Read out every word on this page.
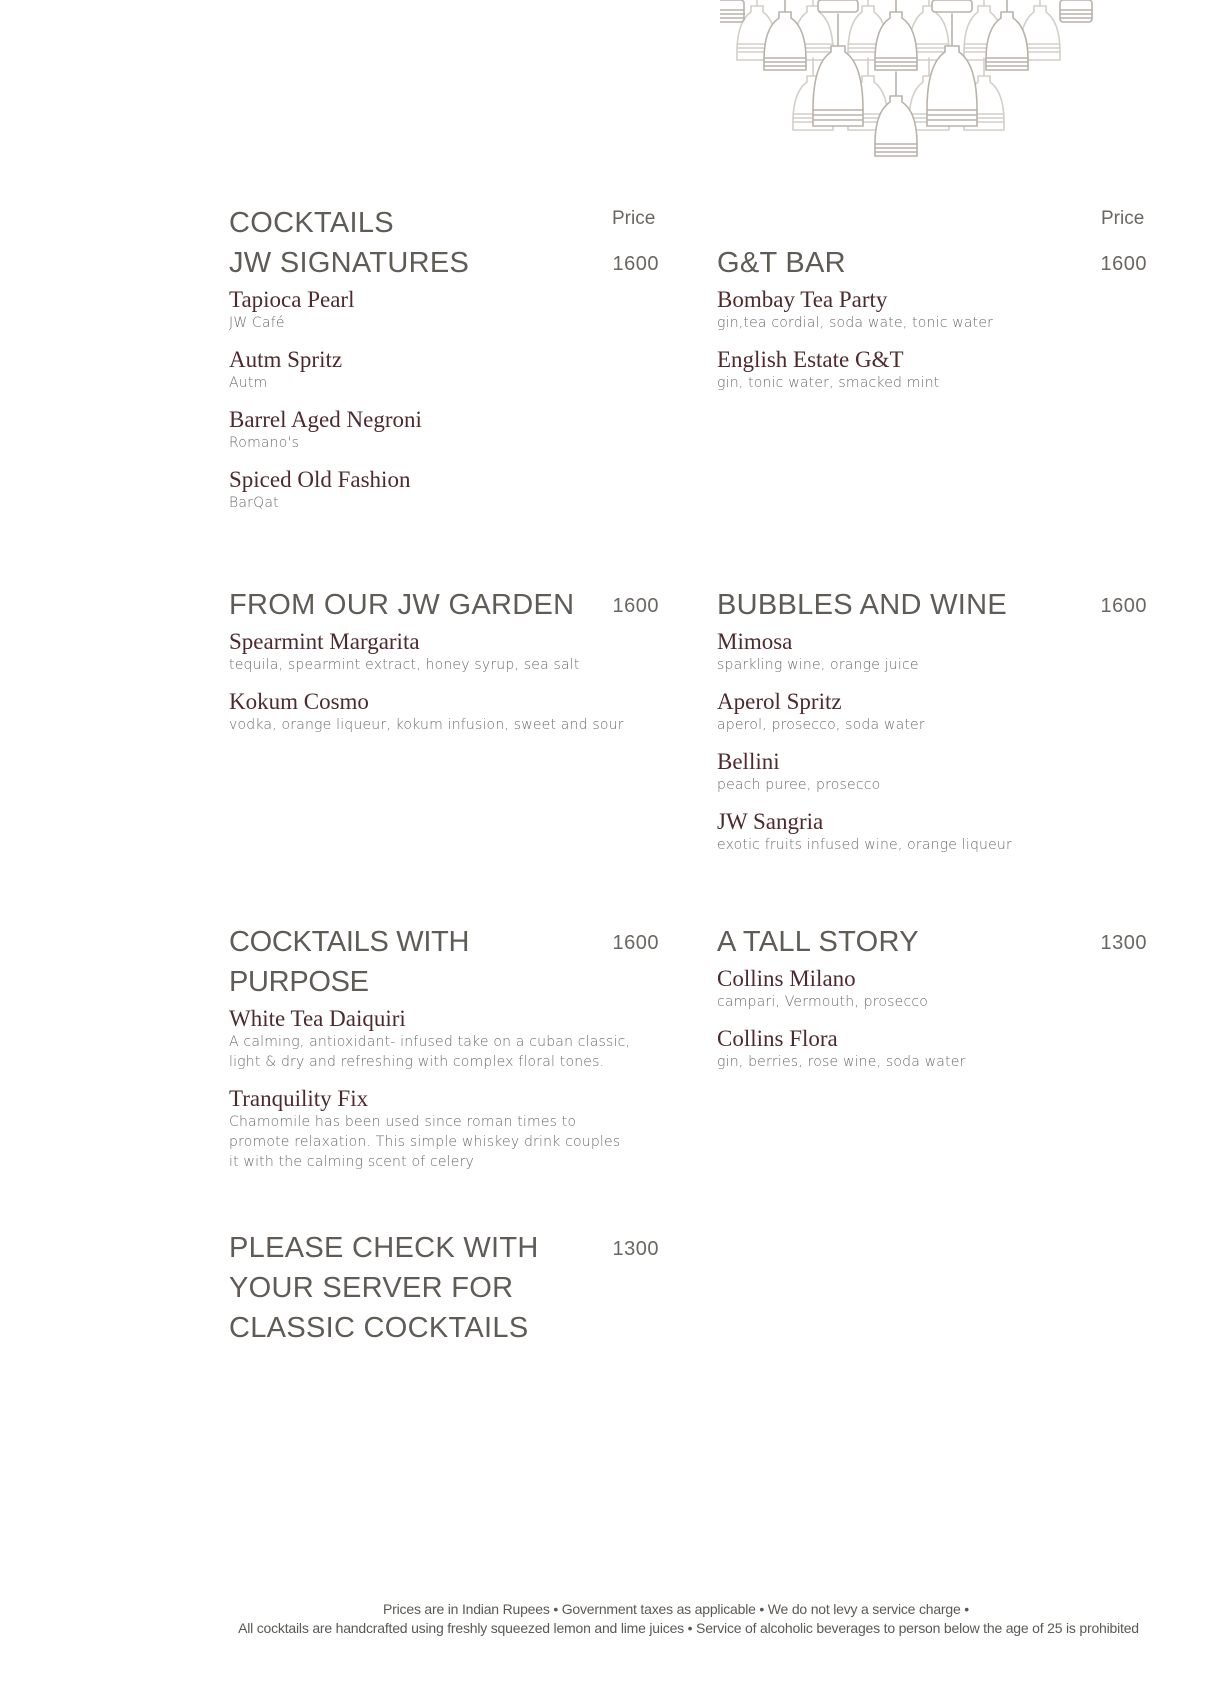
Price	Price
COCKTAILS
JW SIGNATURES	1600
Tapioca Pearl
JW Café
Autm Spritz
Autm
Barrel Aged Negroni
Romano's
Spiced Old Fashion
BarQat
G&T BAR	1600
Bombay Tea Party
gin,tea cordial, soda wate, tonic water
English Estate G&T
gin, tonic water, smacked mint
FROM OUR JW GARDEN 1600
Spearmint Margarita
tequila, spearmint extract, honey syrup, sea salt
Kokum Cosmo
vodka, orange liqueur, kokum infusion, sweet and sour
BUBBLES AND WINE	1600
Mimosa
sparkling wine, orange juice
Aperol Spritz
aperol, prosecco, soda water
Bellini
peach puree, prosecco
JW Sangria
exotic fruits infused wine, orange liqueur
COCKTAILS WITH PURPOSE
1600
White Tea Daiquiri
A calming, antioxidant- infused take on a cuban classic, light & dry and refreshing with complex floral tones.
Tranquility Fix
Chamomile has been used since roman times to promote relaxation. This simple whiskey drink couples it with the calming scent of celery
A TALL STORY	1300
Collins Milano
campari, Vermouth, prosecco
Collins Flora
gin, berries, rose wine, soda water
PLEASE CHECK WITH
YOUR SERVER FOR
CLASSIC COCKTAILS
1300
Prices are in Indian Rupees • Government taxes as applicable • We do not levy a service charge •
All cocktails are handcrafted using freshly squeezed lemon and lime juices • Service of alcoholic beverages to person below the age of 25 is prohibited
